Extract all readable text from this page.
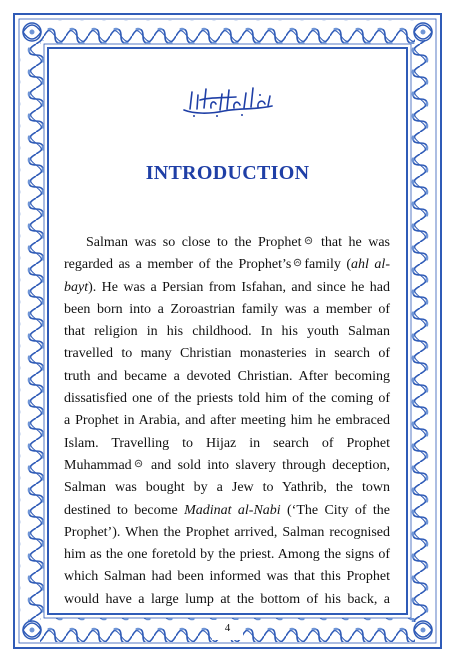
INTRODUCTION
Salman was so close to the Prophet that he was
regarded as a member of the Prophet’s family (ahl al-
bayt). He was a Persian from Isfahan, and since he had
been born into a Zoroastrian family was a member of
that religion in his childhood. In his youth Salman
travelled to many Christian monasteries in search of
truth and became a devoted Christian. After becoming
dissatisfied one of the priests told him of the coming of
a Prophet in Arabia, and after meeting him he embraced
Islam. Travelling to Hijaz in search of Prophet
Muhammad and sold into slavery through deception,
Salman was bought by a Jew to Yathrib, the town
destined to become Madinat al-Nabi (‘The City of the
Prophet’). When the Prophet arrived, Salman recognised
him as the one foretold by the priest. Among the signs of
which Salman had been informed was that this Prophet
would have a large lump at the bottom of his back, a
4
